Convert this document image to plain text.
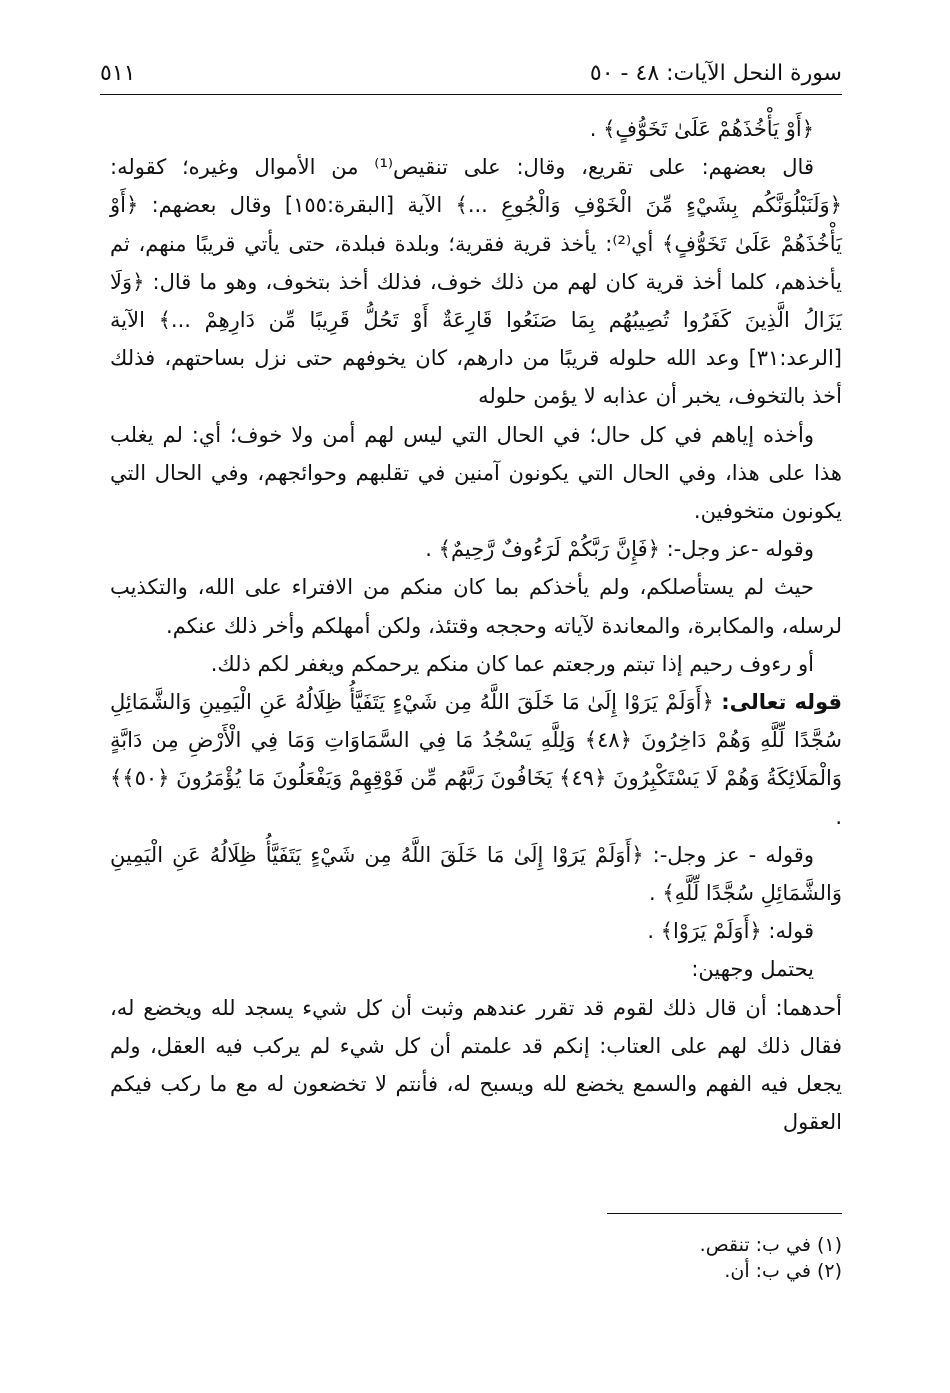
سورة النحل الآيات: ٤٨ - ٥٠
٥١١

﴿أَوْ يَأْخُذَهُمْ عَلَىٰ تَخَوُّفٍ﴾ .

قال بعضهم: على تقريع، وقال: على تنقيص⁽¹⁾ من الأموال وغيره؛ كقوله: ﴿وَلَنَبْلُوَنَّكُم بِشَيْءٍ مِّنَ الْخَوْفِ وَالْجُوعِ ...﴾ الآية [البقرة:١٥٥] وقال بعضهم: ﴿أَوْ يَأْخُذَهُمْ عَلَىٰ تَخَوُّفٍ﴾ أي⁽²⁾: يأخذ قرية فقرية؛ وبلدة فبلدة، حتى يأتي قريبًا منهم، ثم يأخذهم، كلما أخذ قرية كان لهم من ذلك خوف، فذلك أخذ بتخوف، وهو ما قال: ﴿وَلَا يَزَالُ الَّذِينَ كَفَرُوا تُصِيبُهُم بِمَا صَنَعُوا قَارِعَةٌ أَوْ تَحُلُّ قَرِيبًا مِّن دَارِهِمْ ...﴾ الآية [الرعد:٣١] وعد الله حلوله قريبًا من دارهم، كان يخوفهم حتى نزل بساحتهم، فذلك أخذ بالتخوف، يخبر أن عذابه لا يؤمن حلوله

وأخذه إياهم في كل حال؛ في الحال التي ليس لهم أمن ولا خوف؛ أي: لم يغلب هذا على هذا، وفي الحال التي يكونون آمنين في تقلبهم وحوائجهم، وفي الحال التي يكونون متخوفين.

وقوله -عز وجل-: ﴿فَإِنَّ رَبَّكُمْ لَرَءُوفٌ رَّحِيمٌ﴾ .

حيث لم يستأصلكم، ولم يأخذكم بما كان منكم من الافتراء على الله، والتكذيب لرسله، والمكابرة، والمعاندة لآياته وحججه وقتئذ، ولكن أمهلكم وأخر ذلك عنكم.

أو رءوف رحيم إذا تبتم ورجعتم عما كان منكم يرحمكم ويغفر لكم ذلك.

قوله تعالى: ﴿أَوَلَمْ يَرَوْا إِلَىٰ مَا خَلَقَ اللَّهُ مِن شَيْءٍ يَتَفَيَّأُ ظِلَالُهُ عَنِ الْيَمِينِ وَالشَّمَائِلِ سُجَّدًا لِّلَّهِ وَهُمْ دَاخِرُونَ ﴿٤٨﴾ وَلِلَّهِ يَسْجُدُ مَا فِي السَّمَاوَاتِ وَمَا فِي الْأَرْضِ مِن دَابَّةٍ وَالْمَلَائِكَةُ وَهُمْ لَا يَسْتَكْبِرُونَ ﴿٤٩﴾ يَخَافُونَ رَبَّهُم مِّن فَوْقِهِمْ وَيَفْعَلُونَ مَا يُؤْمَرُونَ ﴿٥٠﴾﴾ .

وقوله - عز وجل-: ﴿أَوَلَمْ يَرَوْا إِلَىٰ مَا خَلَقَ اللَّهُ مِن شَيْءٍ يَتَفَيَّأُ ظِلَالُهُ عَنِ الْيَمِينِ وَالشَّمَائِلِ سُجَّدًا لِّلَّهِ﴾ .

قوله: ﴿أَوَلَمْ يَرَوْا﴾ .

يحتمل وجهين:

أحدهما: أن قال ذلك لقوم قد تقرر عندهم وثبت أن كل شيء يسجد لله ويخضع له، فقال ذلك لهم على العتاب: إنكم قد علمتم أن كل شيء لم يركب فيه العقل، ولم يجعل فيه الفهم والسمع يخضع لله ويسبح له، فأنتم لا تخضعون له مع ما ركب فيكم العقول

(١) في ب: تنقص.

(٢) في ب: أن.
